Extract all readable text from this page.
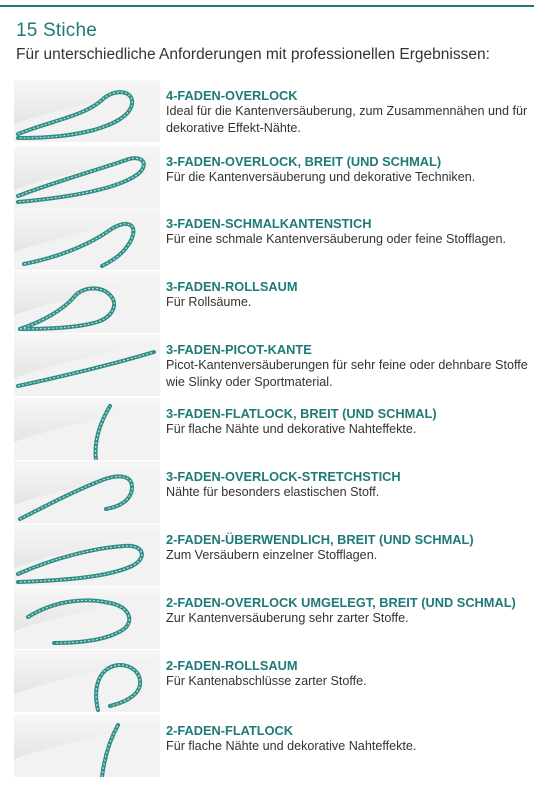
15 Stiche
Für unterschiedliche Anforderungen mit professionellen Ergebnissen:
4-FADEN-OVERLOCK
Ideal für die Kantenversäuberung, zum Zusammennähen und für dekorative Effekt-Nähte.
3-FADEN-OVERLOCK, BREIT (UND SCHMAL)
Für die Kantenversäuberung und dekorative Techniken.
3-FADEN-SCHMALKANTENSTICH
Für eine schmale Kantenversäuberung oder feine Stofflagen.
3-FADEN-ROLLSAUM
Für Rollsäume.
3-FADEN-PICOT-KANTE
Picot-Kantenversäuberungen für sehr feine oder dehnbare Stoffe wie Slinky oder Sportmaterial.
3-FADEN-FLATLOCK, BREIT (UND SCHMAL)
Für flache Nähte und dekorative Nahteffekte.
3-FADEN-OVERLOCK-STRETCHSTICH
Nähte für besonders elastischen Stoff.
2-FADEN-ÜBERWENDLICH, BREIT (UND SCHMAL)
Zum Versäubern einzelner Stofflagen.
2-FADEN-OVERLOCK UMGELEGT, BREIT (UND SCHMAL)
Zur Kantenversäuberung sehr zarter Stoffe.
2-FADEN-ROLLSAUM
Für Kantenabschlüsse zarter Stoffe.
2-FADEN-FLATLOCK
Für flache Nähte und dekorative Nahteffekte.
